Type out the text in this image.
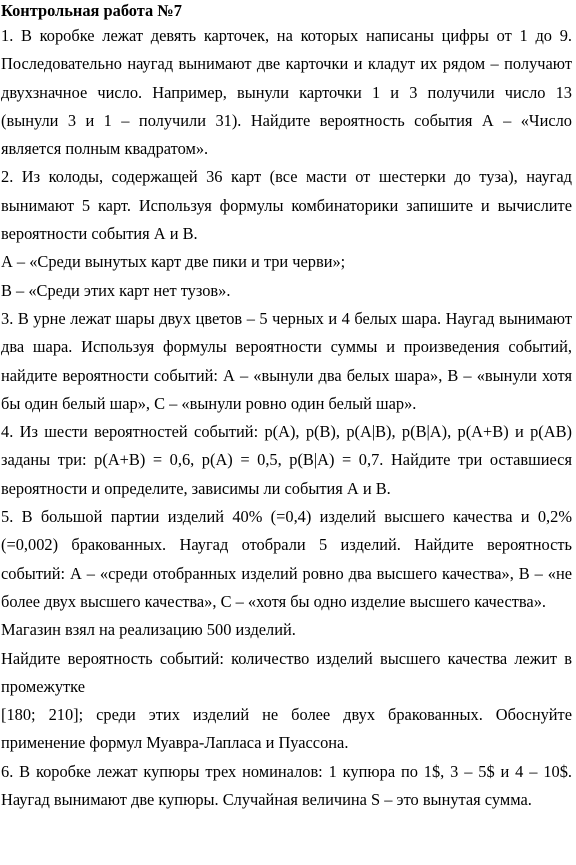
Контрольная работа №7

1. В коробке лежат девять карточек, на которых написаны цифры от 1 до 9. Последовательно наугад вынимают две карточки и кладут их рядом – получают двухзначное число. Например, вынули карточки 1 и 3 получили число 13 (вынули 3 и 1 – получили 31). Найдите вероятность события А – «Число является полным квадратом».

2. Из колоды, содержащей 36 карт (все масти от шестерки до туза), наугад вынимают 5 карт. Используя формулы комбинаторики запишите и вычислите вероятности события А и В.

А – «Среди вынутых карт две пики и три черви»;

В – «Среди этих карт нет тузов».

3. В урне лежат шары двух цветов – 5 черных и 4 белых шара. Наугад вынимают два шара. Используя формулы вероятности суммы и произведения событий, найдите вероятности событий: А – «вынули два белых шара», В – «вынули хотя бы один белый шар», С – «вынули ровно один белый шар».

4. Из шести вероятностей событий: p(A), p(B), p(A|B), p(B|A), p(A+B) и p(AB) заданы три: p(A+B) = 0,6, p(A) = 0,5, p(B|A) = 0,7. Найдите три оставшиеся вероятности и определите, зависимы ли события А и В.

5. В большой партии изделий 40% (=0,4) изделий высшего качества и 0,2% (=0,002) бракованных. Наугад отобрали 5 изделий. Найдите вероятность событий: А – «среди отобранных изделий ровно два высшего качества», В – «не более двух высшего качества», С – «хотя бы одно изделие высшего качества».

Магазин взял на реализацию 500 изделий.

Найдите вероятность событий: количество изделий высшего качества лежит в промежутке

[180; 210]; среди этих изделий не более двух бракованных. Обоснуйте применение формул Муавра-Лапласа и Пуассона.

6. В коробке лежат купюры трех номиналов: 1 купюра по 1$, 3 – 5$ и 4 – 10$. Наугад вынимают две купюры. Случайная величина S – это вынутая сумма.
